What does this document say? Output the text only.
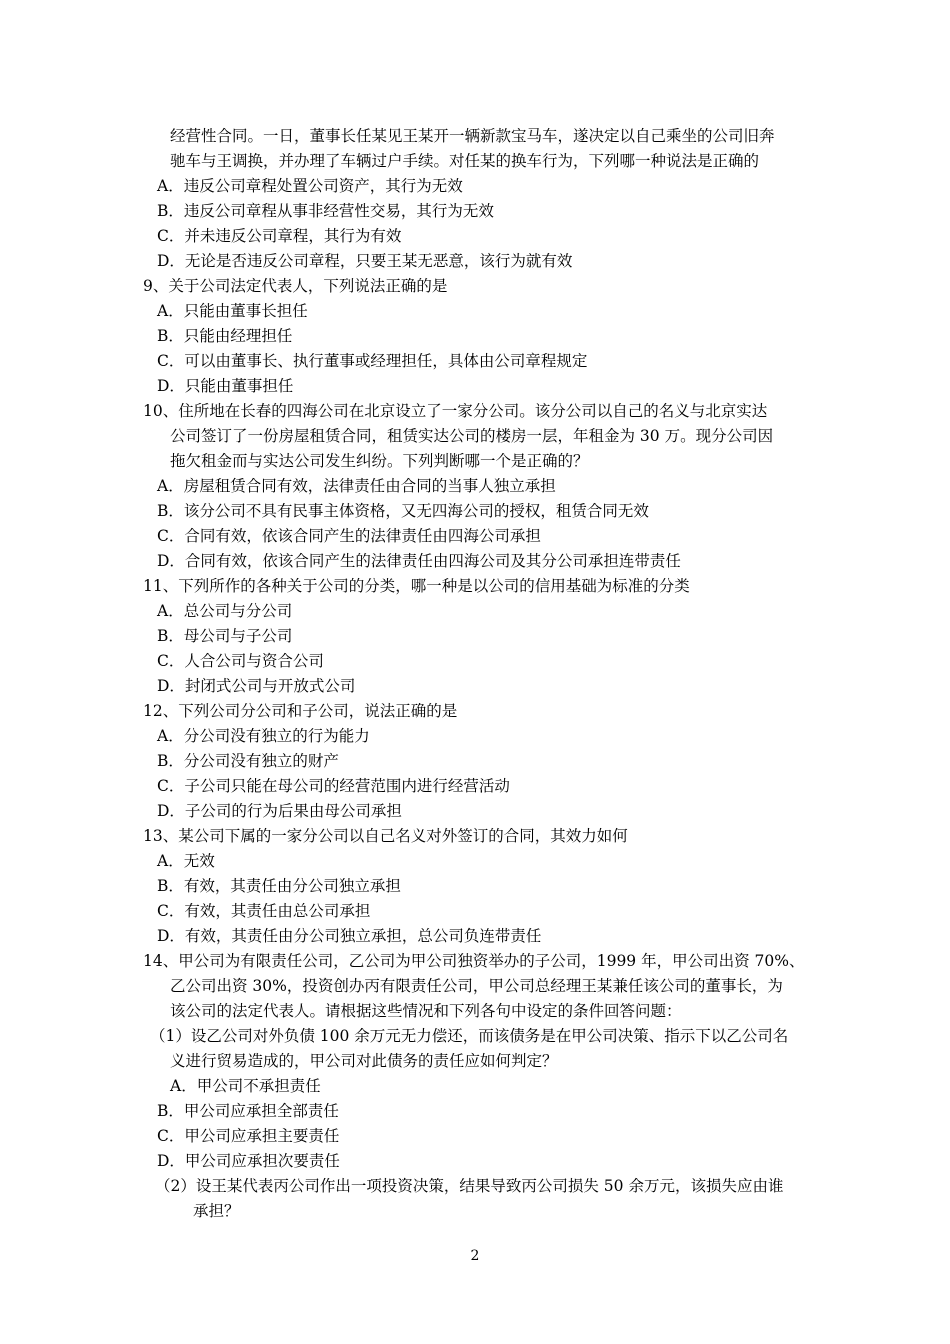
经营性合同。一日，董事长任某见王某开一辆新款宝马车，遂决定以自己乘坐的公司旧奔
驰车与王调换，并办理了车辆过户手续。对任某的换车行为，下列哪一种说法是正确的
A．违反公司章程处置公司资产，其行为无效
B．违反公司章程从事非经营性交易，其行为无效
C．并未违反公司章程，其行为有效
D．无论是否违反公司章程，只要王某无恶意，该行为就有效
9、关于公司法定代表人，下列说法正确的是
A．只能由董事长担任
B．只能由经理担任
C．可以由董事长、执行董事或经理担任，具体由公司章程规定
D．只能由董事担任
10、住所地在长春的四海公司在北京设立了一家分公司。该分公司以自己的名义与北京实达
公司签订了一份房屋租赁合同，租赁实达公司的楼房一层，年租金为 30 万。现分公司因
拖欠租金而与实达公司发生纠纷。下列判断哪一个是正确的？
A．房屋租赁合同有效，法律责任由合同的当事人独立承担
B．该分公司不具有民事主体资格，又无四海公司的授权，租赁合同无效
C．合同有效，依该合同产生的法律责任由四海公司承担
D．合同有效，依该合同产生的法律责任由四海公司及其分公司承担连带责任
11、下列所作的各种关于公司的分类，哪一种是以公司的信用基础为标准的分类
A．总公司与分公司
B．母公司与子公司
C．人合公司与资合公司
D．封闭式公司与开放式公司
12、下列公司分公司和子公司，说法正确的是
A．分公司没有独立的行为能力
B．分公司没有独立的财产
C．子公司只能在母公司的经营范围内进行经营活动
D．子公司的行为后果由母公司承担
13、某公司下属的一家分公司以自己名义对外签订的合同，其效力如何
A．无效
B．有效，其责任由分公司独立承担
C．有效，其责任由总公司承担
D．有效，其责任由分公司独立承担，总公司负连带责任
14、甲公司为有限责任公司，乙公司为甲公司独资举办的子公司，1999 年，甲公司出资 70%、
乙公司出资 30%，投资创办丙有限责任公司，甲公司总经理王某兼任该公司的董事长，为
该公司的法定代表人。请根据这些情况和下列各句中设定的条件回答问题：
（1）设乙公司对外负债 100 余万元无力偿还，而该债务是在甲公司决策、指示下以乙公司名
义进行贸易造成的，甲公司对此债务的责任应如何判定？
A．甲公司不承担责任
B．甲公司应承担全部责任
C．甲公司应承担主要责任
D．甲公司应承担次要责任
（2）设王某代表丙公司作出一项投资决策，结果导致丙公司损失 50 余万元，该损失应由谁
承担？
2
